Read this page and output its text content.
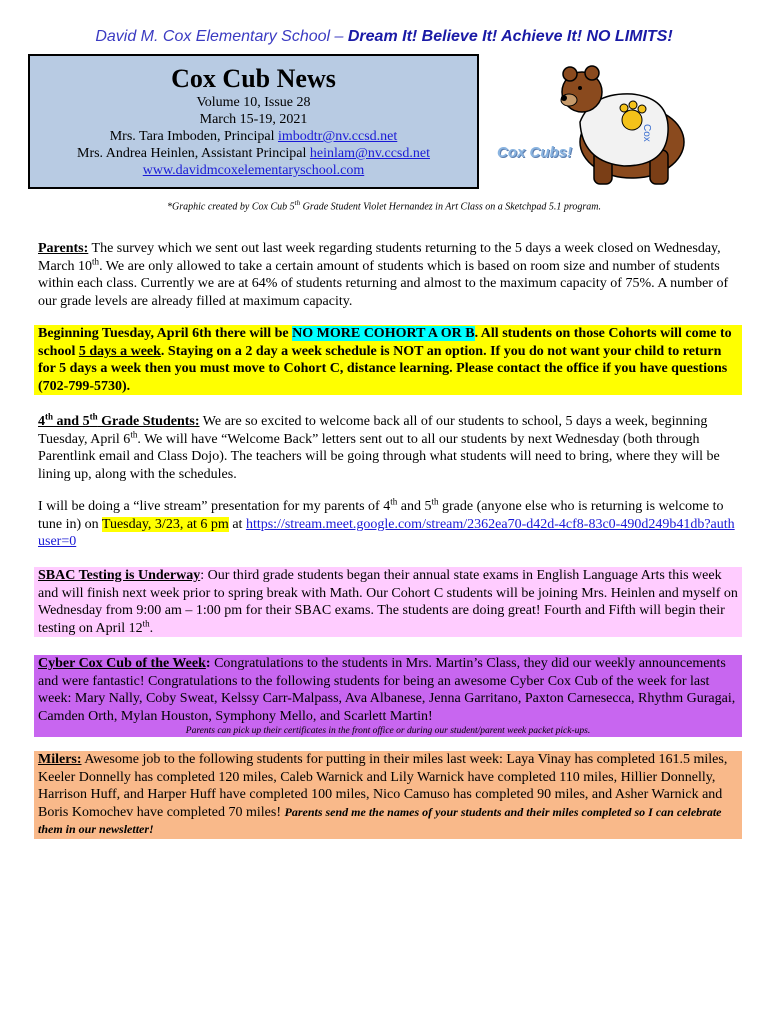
David M. Cox Elementary School – Dream It! Believe It! Achieve It! NO LIMITS!
Cox Cub News
Volume 10, Issue 28
March 15-19, 2021
Mrs. Tara Imboden, Principal imbodtr@nv.ccsd.net
Mrs. Andrea Heinlen, Assistant Principal heinlam@nv.ccsd.net
www.davidmcoxelementaryschool.com
Cox
Cox Cubs!
*Graphic created by Cox Cub 5th Grade Student Violet Hernandez in Art Class on a Sketchpad 5.1 program.
Parents: The survey which we sent out last week regarding students returning to the 5 days a week closed on Wednesday, March 10th. We are only allowed to take a certain amount of students which is based on room size and number of students within each class. Currently we are at 64% of students returning and almost to the maximum capacity of 75%. A number of our grade levels are already filled at maximum capacity.
Beginning Tuesday, April 6th there will be NO MORE COHORT A OR B. All students on those Cohorts will come to school 5 days a week. Staying on a 2 day a week schedule is NOT an option. If you do not want your child to return for 5 days a week then you must move to Cohort C, distance learning. Please contact the office if you have questions (702-799-5730).
4th and 5th Grade Students: We are so excited to welcome back all of our students to school, 5 days a week, beginning Tuesday, April 6th. We will have “Welcome Back” letters sent out to all our students by next Wednesday (both through Parentlink email and Class Dojo). The teachers will be going through what students will need to bring, where they will be lining up, along with the schedules.
I will be doing a “live stream” presentation for my parents of 4th and 5th grade (anyone else who is returning is welcome to tune in) on Tuesday, 3/23, at 6 pm at https://stream.meet.google.com/stream/2362ea70-d42d-4cf8-83c0-490d249b41db?authuser=0
SBAC Testing is Underway: Our third grade students began their annual state exams in English Language Arts this week and will finish next week prior to spring break with Math. Our Cohort C students will be joining Mrs. Heinlen and myself on Wednesday from 9:00 am – 1:00 pm for their SBAC exams. The students are doing great! Fourth and Fifth will begin their testing on April 12th.
Cyber Cox Cub of the Week: Congratulations to the students in Mrs. Martin’s Class, they did our weekly announcements and were fantastic! Congratulations to the following students for being an awesome Cyber Cox Cub of the week for last week: Mary Nally, Coby Sweat, Kelssy Carr-Malpass, Ava Albanese, Jenna Garritano, Paxton Carnesecca, Rhythm Guragai, Camden Orth, Mylan Houston, Symphony Mello, and Scarlett Martin!
Parents can pick up their certificates in the front office or during our student/parent week packet pick-ups.
Milers: Awesome job to the following students for putting in their miles last week: Laya Vinay has completed 161.5 miles, Keeler Donnelly has completed 120 miles, Caleb Warnick and Lily Warnick have completed 110 miles, Hillier Donnelly, Harrison Huff, and Harper Huff have completed 100 miles, Nico Camuso has completed 90 miles, and Asher Warnick and Boris Komochev have completed 70 miles! Parents send me the names of your students and their miles completed so I can celebrate them in our newsletter!
